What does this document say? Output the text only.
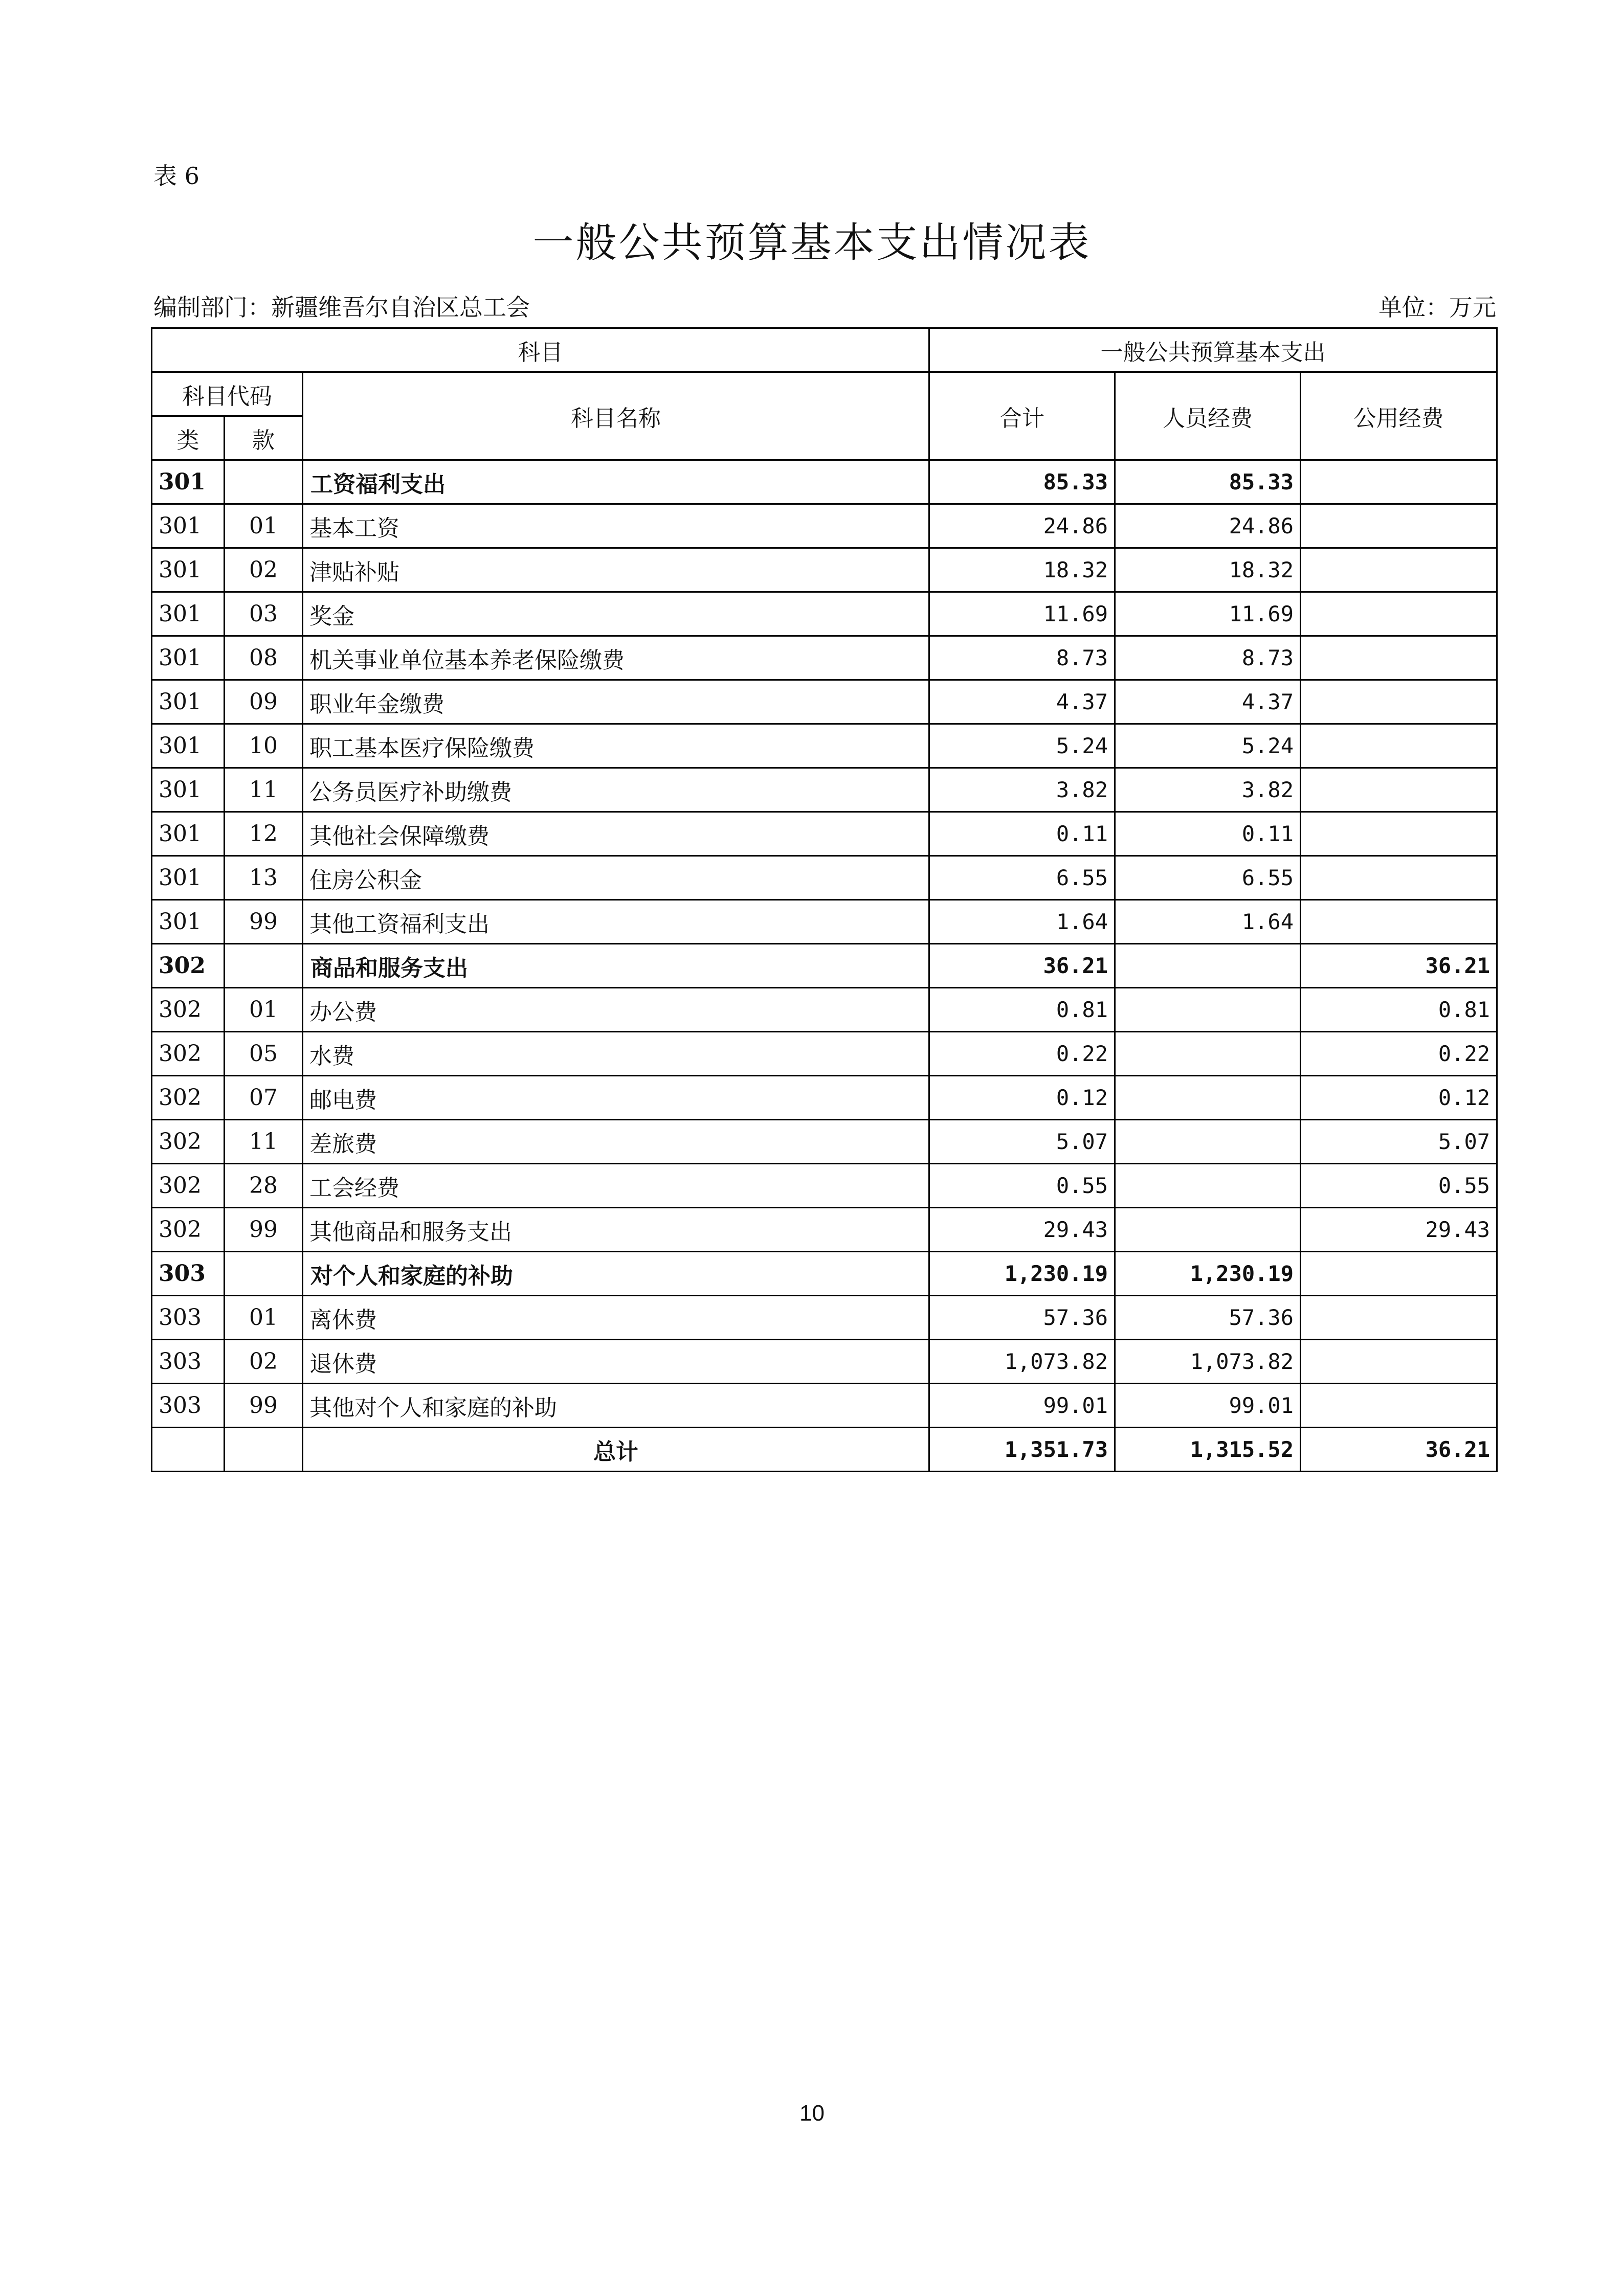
表 6
一般公共预算基本支出情况表
编制部门：新疆维吾尔自治区总工会	单位：万元
科目			一般公共预算基本支出		
科目代码		科目名称	合计	人员经费	公用经费
类	款				
301		工资福利支出	85.33	85.33	
301	01	基本工资	24.86	24.86	
301	02	津贴补贴	18.32	18.32	
301	03	奖金	11.69	11.69	
301	08	机关事业单位基本养老保险缴费	8.73	8.73	
301	09	职业年金缴费	4.37	4.37	
301	10	职工基本医疗保险缴费	5.24	5.24	
301	11	公务员医疗补助缴费	3.82	3.82	
301	12	其他社会保障缴费	0.11	0.11	
301	13	住房公积金	6.55	6.55	
301	99	其他工资福利支出	1.64	1.64	
302		商品和服务支出	36.21		36.21
302	01	办公费	0.81		0.81
302	05	水费	0.22		0.22
302	07	邮电费	0.12		0.12
302	11	差旅费	5.07		5.07
302	28	工会经费	0.55		0.55
302	99	其他商品和服务支出	29.43		29.43
303		对个人和家庭的补助	1,230.19	1,230.19	
303	01	离休费	57.36	57.36	
303	02	退休费	1,073.82	1,073.82	
303	99	其他对个人和家庭的补助	99.01	99.01	
		总计	1,351.73	1,315.52	36.21
10
